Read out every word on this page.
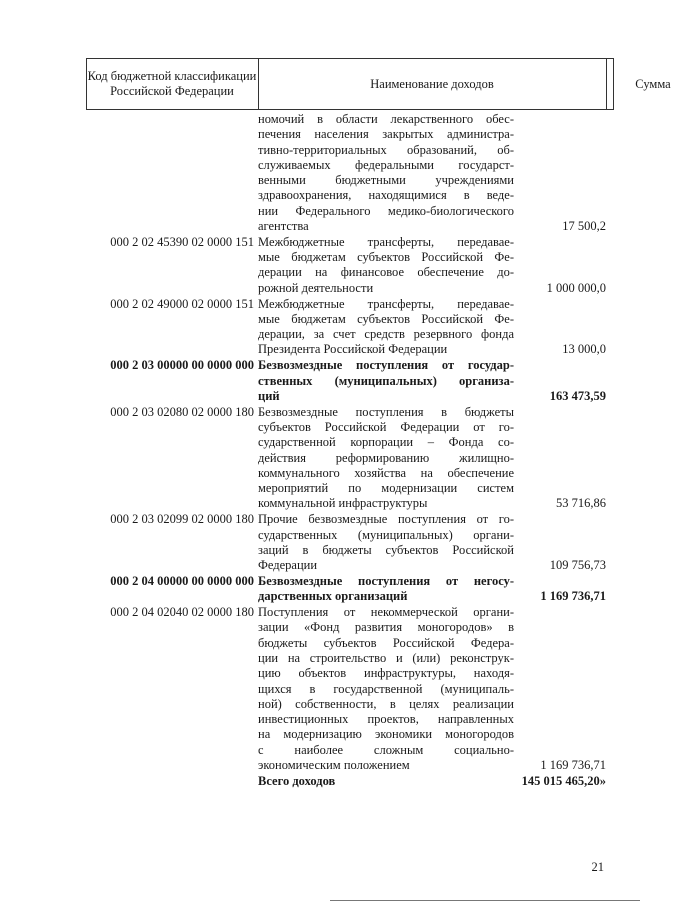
Код бюджетной классификации Российской Федерации
Наименование доходов	Сумма
номочий в области лекарственного обес-
печения населения закрытых администра-
тивно-территориальных образований, об-
служиваемых федеральными государст-
венными бюджетными учреждениями
здравоохранения, находящимися в веде-
нии Федерального медико-биологического
агентства	17 500,2
000 2 02 45390 02 0000 151 Межбюджетные трансферты, передавае-
мые бюджетам субъектов Российской Фе-
дерации на финансовое обеспечение до-
рожной деятельности	1 000 000,0
000 2 02 49000 02 0000 151 Межбюджетные трансферты, передавае-
мые бюджетам субъектов Российской Фе-
дерации, за счет средств резервного фонда
Президента Российской Федерации	13 000,0
000 2 03 00000 00 0000 000 Безвозмездные поступления от государ-
ственных (муниципальных) организа-
ций	163 473,59
000 2 03 02080 02 0000 180 Безвозмездные поступления в бюджеты
субъектов Российской Федерации от го-
сударственной корпорации – Фонда со-
действия реформированию жилищно-
коммунального хозяйства на обеспечение
мероприятий по модернизации систем
коммунальной инфраструктуры	53 716,86
000 2 03 02099 02 0000 180 Прочие безвозмездные поступления от го-
сударственных (муниципальных) органи-
заций в бюджеты субъектов Российской
Федерации	109 756,73
000 2 04 00000 00 0000 000 Безвозмездные поступления от негосу-
дарственных организаций	1 169 736,71
000 2 04 02040 02 0000 180 Поступления от некоммерческой органи-
зации «Фонд развития моногородов» в
бюджеты субъектов Российской Федера-
ции на строительство и (или) реконструк-
цию объектов инфраструктуры, находя-
щихся в государственной (муниципаль-
ной) собственности, в целях реализации
инвестиционных проектов, направленных
на модернизацию экономики моногородов
с наиболее сложным социально-
экономическим положением	1 169 736,71
Всего доходов	145 015 465,20»
21
